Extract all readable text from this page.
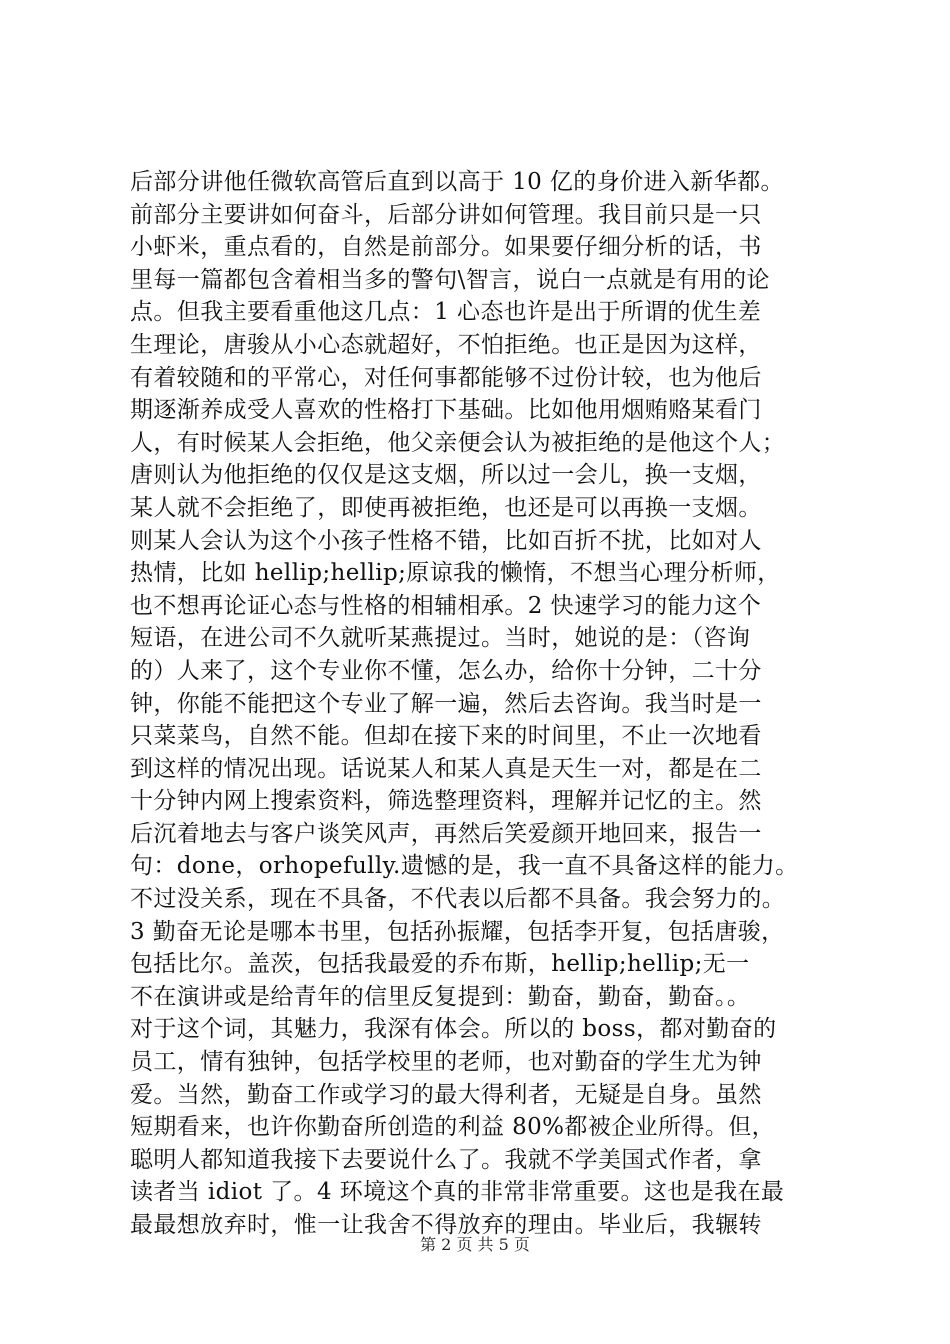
后部分讲他任微软高管后直到以高于 10 亿的身价进入新华都。
前部分主要讲如何奋斗，后部分讲如何管理。我目前只是一只
小虾米，重点看的，自然是前部分。如果要仔细分析的话，书
里每一篇都包含着相当多的警句\智言，说白一点就是有用的论
点。但我主要看重他这几点：1 心态也许是出于所谓的优生差
生理论，唐骏从小心态就超好，不怕拒绝。也正是因为这样，
有着较随和的平常心，对任何事都能够不过份计较，也为他后
期逐渐养成受人喜欢的性格打下基础。比如他用烟贿赂某看门
人，有时候某人会拒绝，他父亲便会认为被拒绝的是他这个人；
唐则认为他拒绝的仅仅是这支烟，所以过一会儿，换一支烟，
某人就不会拒绝了，即使再被拒绝，也还是可以再换一支烟。
则某人会认为这个小孩子性格不错，比如百折不扰，比如对人
热情，比如 hellip;hellip;原谅我的懒惰，不想当心理分析师，
也不想再论证心态与性格的相辅相承。2 快速学习的能力这个
短语，在进公司不久就听某燕提过。当时，她说的是：（咨询
的）人来了，这个专业你不懂，怎么办，给你十分钟，二十分
钟，你能不能把这个专业了解一遍，然后去咨询。我当时是一
只菜菜鸟，自然不能。但却在接下来的时间里，不止一次地看
到这样的情况出现。话说某人和某人真是天生一对，都是在二
十分钟内网上搜索资料，筛选整理资料，理解并记忆的主。然
后沉着地去与客户谈笑风声，再然后笑爱颜开地回来，报告一
句：done，orhopefully.遗憾的是，我一直不具备这样的能力。
不过没关系，现在不具备，不代表以后都不具备。我会努力的。
3 勤奋无论是哪本书里，包括孙振耀，包括李开复，包括唐骏，
包括比尔。盖茨，包括我最爱的乔布斯，hellip;hellip;无一
不在演讲或是给青年的信里反复提到：勤奋，勤奋，勤奋。。
对于这个词，其魅力，我深有体会。所以的 boss，都对勤奋的
员工，情有独钟，包括学校里的老师，也对勤奋的学生尤为钟
爱。当然，勤奋工作或学习的最大得利者，无疑是自身。虽然
短期看来，也许你勤奋所创造的利益 80%都被企业所得。但，
聪明人都知道我接下去要说什么了。我就不学美国式作者，拿
读者当 idiot 了。4 环境这个真的非常非常重要。这也是我在最
最最想放弃时，惟一让我舍不得放弃的理由。毕业后，我辗转
第 2 页 共 5 页
